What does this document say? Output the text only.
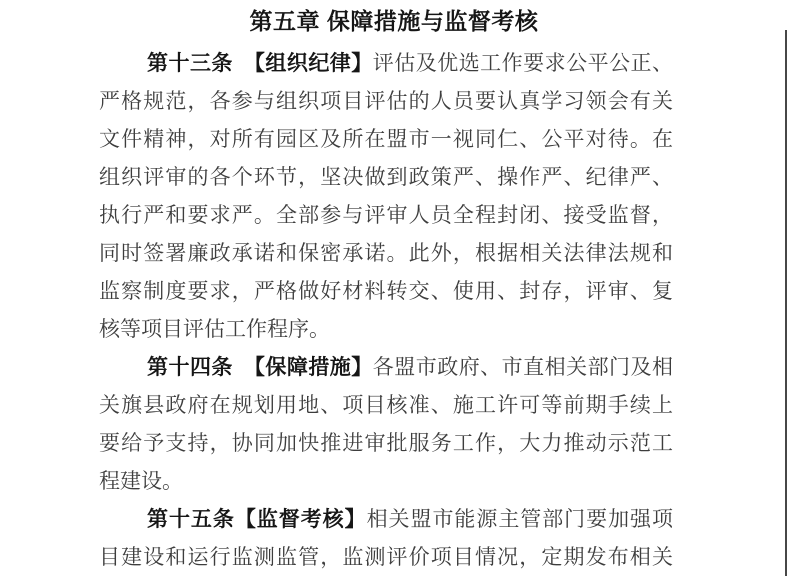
第五章 保障措施与监督考核
第十三条　【组织纪律】评估及优选工作要求公平公正、
严格规范，各参与组织项目评估的人员要认真学习领会有关
文件精神，对所有园区及所在盟市一视同仁、公平对待。在
组织评审的各个环节，坚决做到政策严、操作严、纪律严、
执行严和要求严。全部参与评审人员全程封闭、接受监督，
同时签署廉政承诺和保密承诺。此外，根据相关法律法规和
监察制度要求，严格做好材料转交、使用、封存，评审、复
核等项目评估工作程序。
第十四条　【保障措施】各盟市政府、市直相关部门及相
关旗县政府在规划用地、项目核准、施工许可等前期手续上
要给予支持，协同加快推进审批服务工作，大力推动示范工
程建设。
第十五条【监督考核】相关盟市能源主管部门要加强项
目建设和运行监测监管，监测评价项目情况，定期发布相关
